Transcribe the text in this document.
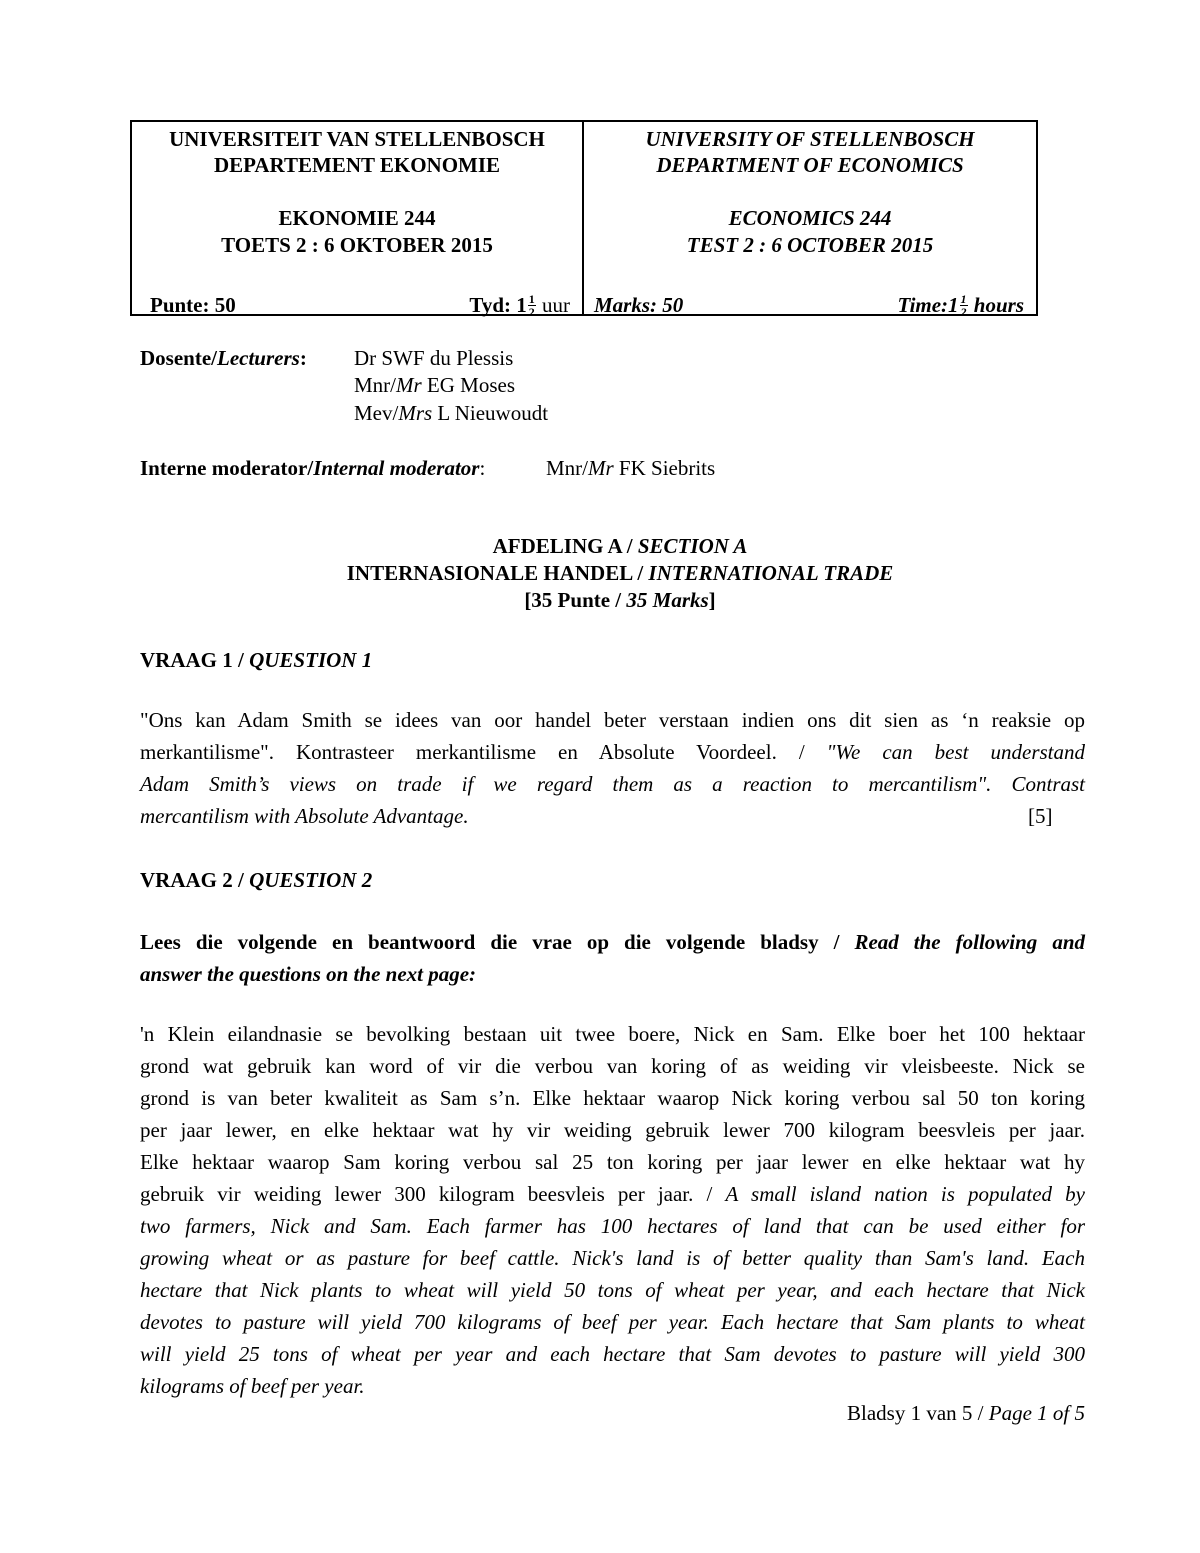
UNIVERSITEIT VAN STELLENBOSCH
DEPARTEMENT EKONOMIE
EKONOMIE 244
TOETS 2 : 6 OKTOBER 2015
Punte: 50	Tyd: $1 \frac{1}{2}$ uur
UNIVERSITY OF STELLENBOSCH
DEPARTMENT OF ECONOMICS
ECONOMICS 244
TEST 2 : 6 OCTOBER 2015
Marks: 50	Time:1 $\frac{1}{2}$ hours
Dosente/Lecturers: Dr SWF du Plessis
Mnr/Mr EG Moses
Mev/Mrs L Nieuwoudt
Interne moderator/Internal moderator:	Mnr/Mr FK Siebrits
AFDELING A / SECTION A
INTERNASIONALE HANDEL / INTERNATIONAL TRADE
[35 Punte / 35 Marks]
VRAAG 1 / QUESTION 1
"Ons kan Adam Smith se idees van oor handel beter verstaan indien ons dit sien as ‘n reaksie op
merkantilisme". Kontrasteer merkantilisme en Absolute Voordeel. / "We can best understand
Adam Smith’s views on trade if we regard them as a reaction to mercantilism". Contrast
mercantilism with Absolute Advantage.	[5]
VRAAG 2 / QUESTION 2
Lees die volgende en beantwoord die vrae op die volgende bladsy / Read the following and
answer the questions on the next page:
'n Klein eilandnasie se bevolking bestaan uit twee boere, Nick en Sam. Elke boer het 100 hektaar
grond wat gebruik kan word of vir die verbou van koring of as weiding vir vleisbeeste. Nick se
grond is van beter kwaliteit as Sam s’n. Elke hektaar waarop Nick koring verbou sal 50 ton koring
per jaar lewer, en elke hektaar wat hy vir weiding gebruik lewer 700 kilogram beesvleis per jaar.
Elke hektaar waarop Sam koring verbou sal 25 ton koring per jaar lewer en elke hektaar wat hy
gebruik vir weiding lewer 300 kilogram beesvleis per jaar. / A small island nation is populated by
two farmers, Nick and Sam. Each farmer has 100 hectares of land that can be used either for
growing wheat or as pasture for beef cattle. Nick's land is of better quality than Sam's land. Each
hectare that Nick plants to wheat will yield 50 tons of wheat per year, and each hectare that Nick
devotes to pasture will yield 700 kilograms of beef per year. Each hectare that Sam plants to wheat
will yield 25 tons of wheat per year and each hectare that Sam devotes to pasture will yield 300
kilograms of beef per year.
Bladsy 1 van 5 / Page 1 of 5
